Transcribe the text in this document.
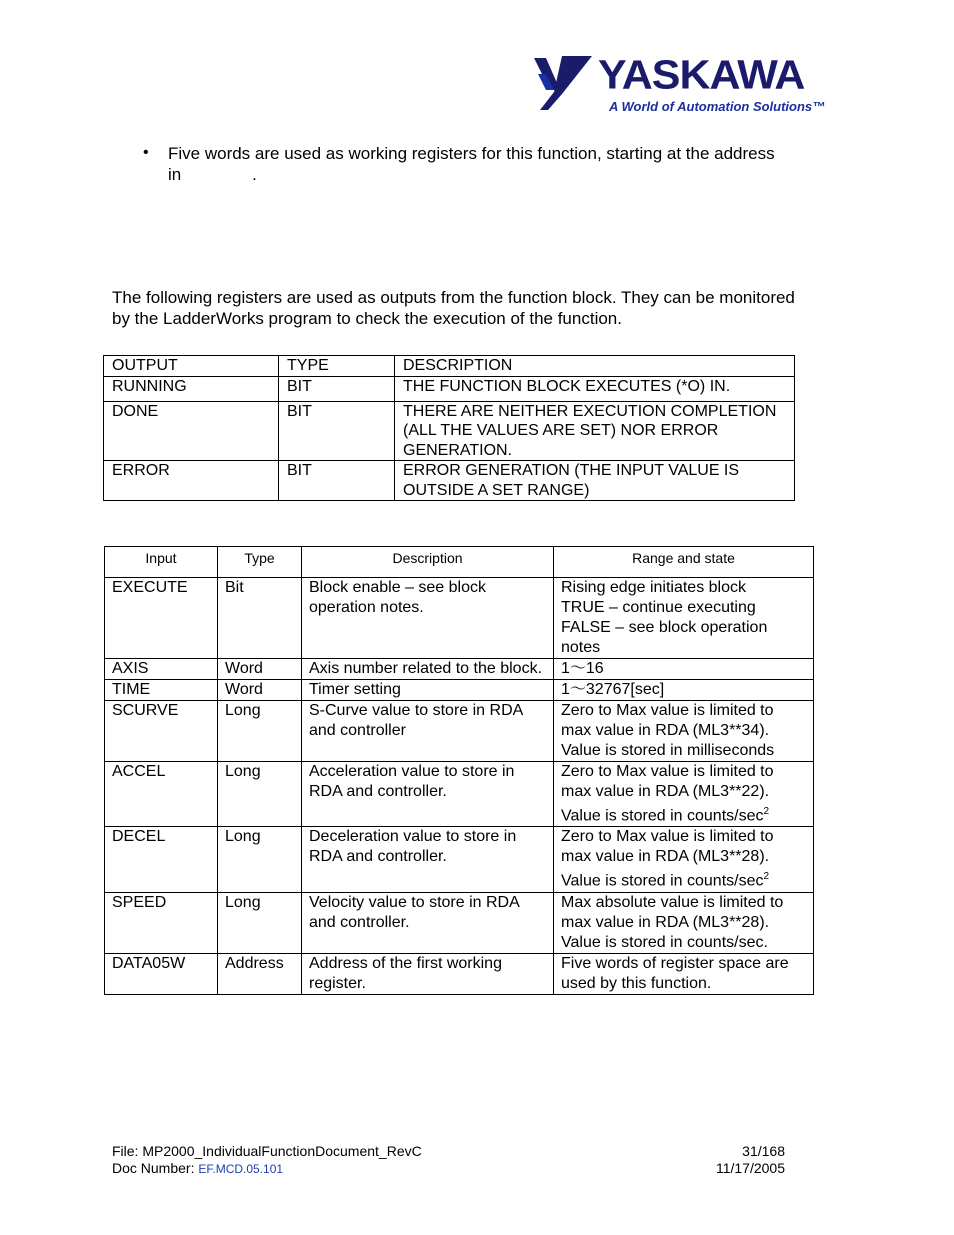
YASKAWA
A World of Automation Solutions™
• Five words are used as working registers for this function, starting at the address
in               .
The following registers are used as outputs from the function block. They can be monitored by the LadderWorks program to check the execution of the function.
OUTPUT	TYPE	DESCRIPTION
RUNNING	BIT	THE FUNCTION BLOCK EXECUTES (*O) IN.
DONE	BIT	THERE ARE NEITHER EXECUTION COMPLETION (ALL THE VALUES ARE SET) NOR ERROR GENERATION.
ERROR	BIT	ERROR GENERATION (THE INPUT VALUE IS OUTSIDE A SET RANGE)
Input	Type	Description	Range and state
EXECUTE	Bit	Block enable – see block operation notes.	Rising edge initiates block
TRUE – continue executing
FALSE – see block operation notes

AXIS	Word	Axis number related to the block.	1～16
TIME	Word	Timer setting	1～32767[sec]
SCURVE	Long	S-Curve value to store in RDA and controller	Zero to Max value is limited to max value in RDA (ML3**34).
Value is stored in milliseconds

ACCEL	Long	Acceleration value to store in RDA and controller.	Zero to Max value is limited to max value in RDA (ML3**22).
Value is stored in counts/$\sec^2$

DECEL	Long	Deceleration value to store in RDA and controller.	Zero to Max value is limited to max value in RDA (ML3**28).
Value is stored in counts/$\sec^2$

SPEED	Long	Velocity value to store in RDA and controller.	Max absolute value is limited to max value in RDA (ML3**28).
Value is stored in counts/sec.

DATA05W	Address	Address of the first working register.	Five words of register space are used by this function.
File: MP2000_IndividualFunctionDocument_RevC
Doc Number: EF.MCD.05.101
31/168
11/17/2005
